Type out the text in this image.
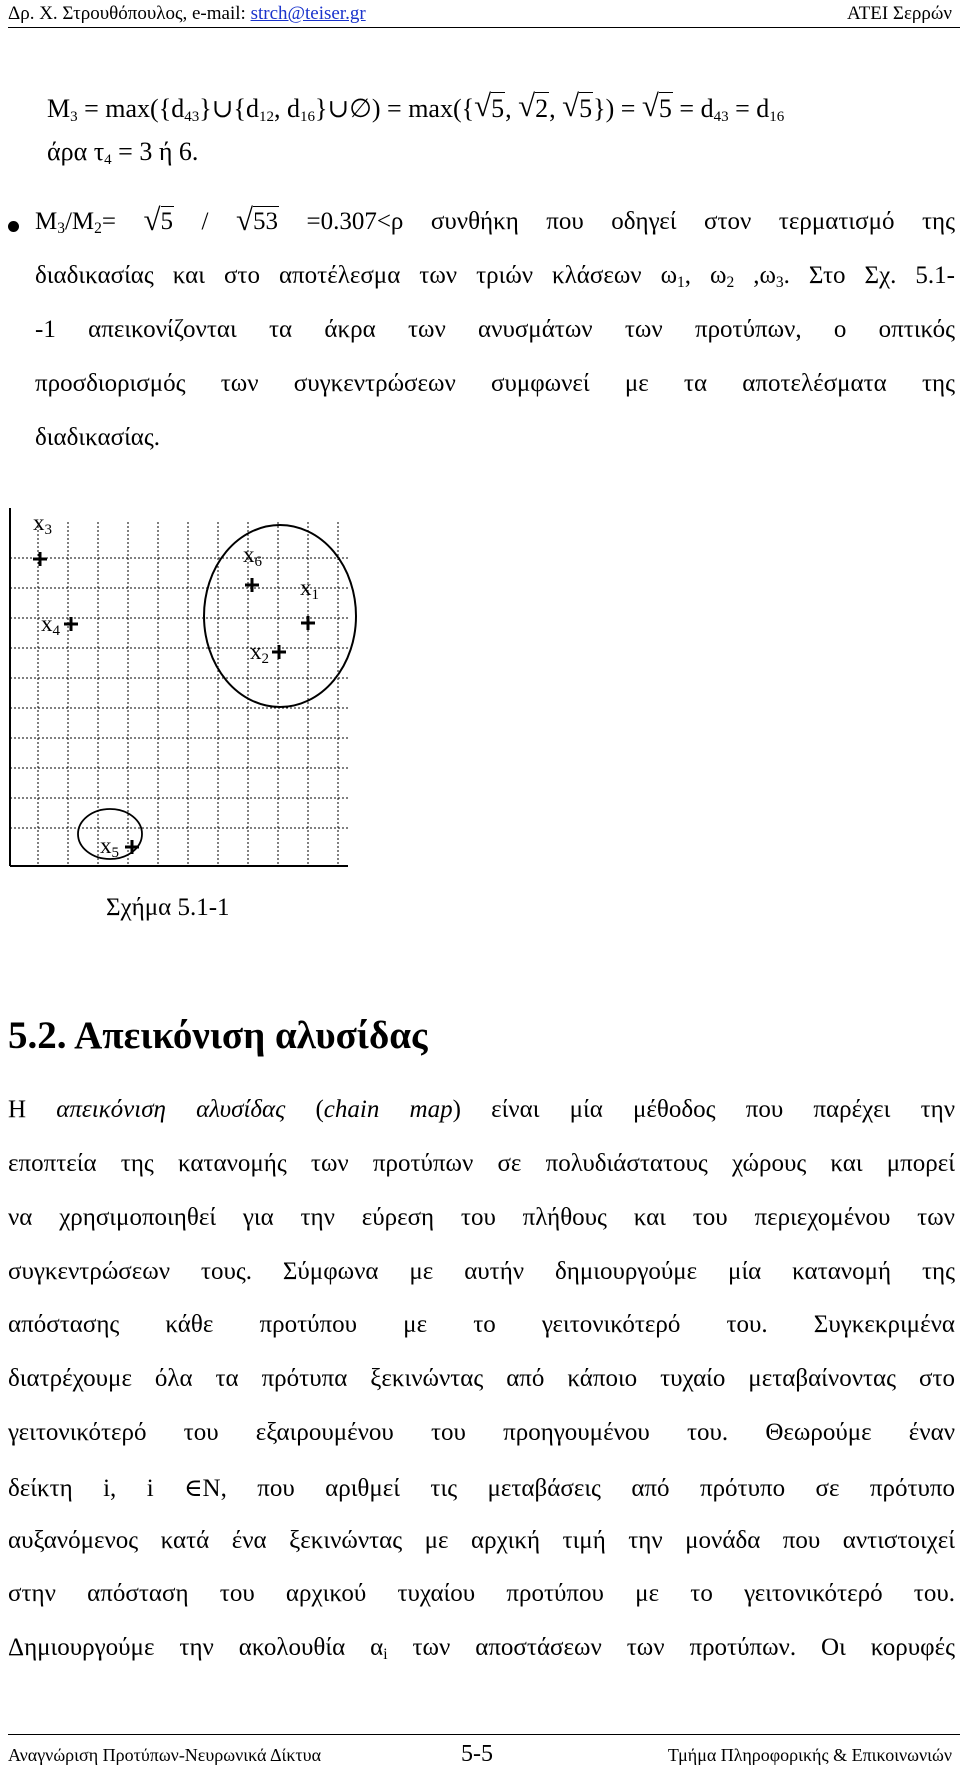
Δρ. Χ. Στρουθόπουλος, e-mail: strch@teiser.gr	ΑΤΕΙ Σερρών
$M_3$ = $\max(\{d_{43}\}\cup\{d_{12}$, $d_{16}\}\cup\emptyset) = \max(\{√$ 5, √ 2, √ 5}) = √ $5 = d_{43} = d_{16}$
άρα $\tau_4 = 3$ ή 6.
$M_3/M_2=$ √ 5 / √ 53 =0.307<ρ συνθήκη που οδηγεί στον τερματισμό της
διαδικασίας και στο αποτέλεσμα των τριών κλάσεων $\omega_1$, $\omega_2$ $,\omega_3$. Στο Σχ. 5.1-
-1 απεικονίζονται τα άκρα των ανυσμάτων των προτύπων, ο οπτικός
προσδιορισμός των συγκεντρώσεων συμφωνεί με τα αποτελέσματα της
διαδικασίας.
x3
x4
x6
x1
x2
x5
Σχήμα 5.1-1
5.2. Απεικόνιση αλυσίδας
Η απεικόνιση αλυσίδας (chain map) είναι μία μέθοδος που παρέχει την
εποπτεία της κατανομής των προτύπων σε πολυδιάστατους χώρους και μπορεί
να χρησιμοποιηθεί για την εύρεση του πλήθους και του περιεχομένου των
συγκεντρώσεων τους. Σύμφωνα με αυτήν δημιουργούμε μία κατανομή της
απόστασης κάθε προτύπου με το γειτονικότερό του. Συγκεκριμένα
διατρέχουμε όλα τα πρότυπα ξεκινώντας από κάποιο τυχαίο μεταβαίνοντας στο
γειτονικότερό του εξαιρουμένου του προηγουμένου του. Θεωρούμε έναν
δείκτη i, i ∈N, που αριθμεί τις μεταβάσεις από πρότυπο σε πρότυπο
αυξανόμενος κατά ένα ξεκινώντας με αρχική τιμή την μονάδα που αντιστοιχεί
στην απόσταση του αρχικού τυχαίου προτύπου με το γειτονικότερό του.
Δημιουργούμε την ακολουθία $\alpha_i$ των αποστάσεων των προτύπων. Οι κορυφές
Αναγνώριση Προτύπων-Νευρωνικά Δίκτυα	5-5	Τμήμα Πληροφορικής & Επικοινωνιών
